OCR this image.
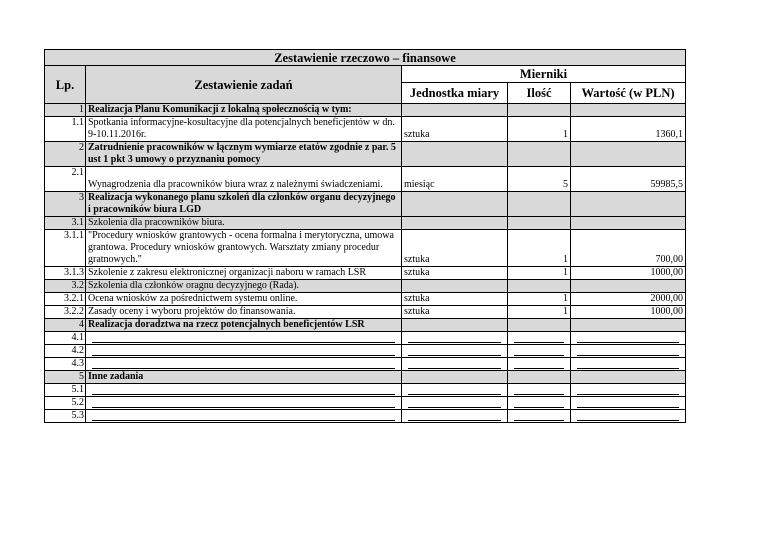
Zestawienie rzeczowo – finansowe				
Lp.	Zestawienie zadań	Mierniki		
		Jednostka miary	Ilość	Wartość (w PLN)
1	Realizacja Planu Komunikacji z lokalną społecznością w tym:			
1.1	Spotkania informacyjne-kosultacyjne dla potencjalnych beneficjentów w dn. 9-10.11.2016r.	sztuka	1	1360,1
2	Zatrudnienie pracowników w łącznym wymiarze etatów zgodnie z par. 5 ust 1 pkt 3 umowy o przyznaniu pomocy			
2.1	Wynagrodzenia dla pracowników biura wraz z należnymi świadczeniami.	miesiąc	5	59985,5
3	Realizacja wykonanego planu szkoleń dla członków organu decyzyjnego i pracowników biura LGD			
3.1	Szkolenia dla pracowników biura.			
3.1.1	"Procedury wniosków grantowych - ocena formalna i merytoryczna, umowa grantowa. Procedury wniosków grantowych. Warsztaty zmiany procedur gratnowych."	sztuka	1	700,00
3.1.3	Szkolenie z zakresu elektronicznej organizacji naboru w ramach LSR	sztuka	1	1000,00
3.2	Szkolenia dla członków oragnu decyzyjnego (Rada).			
3.2.1	Ocena wniosków za pośrednictwem systemu online.	sztuka	1	2000,00
3.2.2	Zasady oceny i wyboru projektów do finansowania.	sztuka	1	1000,00
4	Realizacja doradztwa na rzecz potencjalnych beneficjentów LSR			
4.1	

4.2	

4.3	

5	Inne zadania			
5.1	

5.2	

5.3	
